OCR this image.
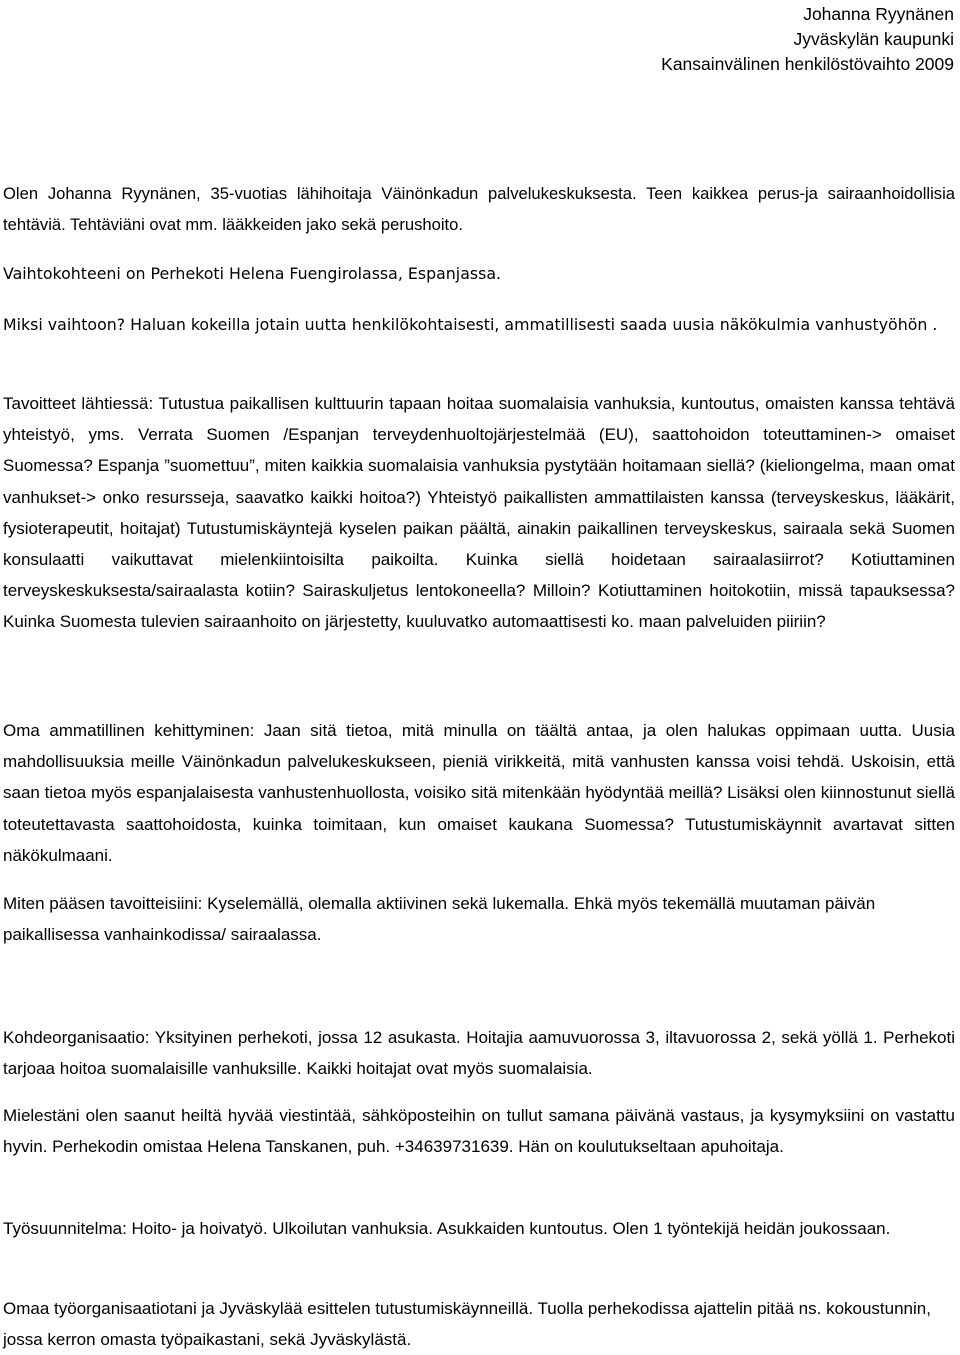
Johanna Ryynänen
Jyväskylän kaupunki
Kansainvälinen henkilöstövaihto 2009

Olen Johanna Ryynänen, 35-vuotias lähihoitaja Väinönkadun palvelukeskuksesta. Teen kaikkea perus-ja sairaanhoidollisia tehtäviä. Tehtäviäni ovat mm. lääkkeiden jako sekä perushoito.

Vaihtokohteeni on Perhekoti Helena Fuengirolassa, Espanjassa.

Miksi vaihtoon? Haluan kokeilla jotain uutta henkilökohtaisesti, ammatillisesti saada uusia näkökulmia vanhustyöhön .

Tavoitteet lähtiessä: Tutustua paikallisen kulttuurin tapaan hoitaa suomalaisia vanhuksia, kuntoutus, omaisten kanssa tehtävä yhteistyö, yms. Verrata Suomen /Espanjan terveydenhuoltojärjestelmää (EU), saattohoidon toteuttaminen-> omaiset Suomessa? Espanja ”suomettuu”, miten kaikkia suomalaisia vanhuksia pystytään hoitamaan siellä? (kieliongelma, maan omat vanhukset-> onko resursseja, saavatko kaikki hoitoa?) Yhteistyö paikallisten ammattilaisten kanssa (terveyskeskus, lääkärit, fysioterapeutit, hoitajat) Tutustumiskäyntejä kyselen paikan päältä, ainakin paikallinen terveyskeskus, sairaala sekä Suomen konsulaatti vaikuttavat mielenkiintoisilta paikoilta. Kuinka siellä hoidetaan sairaalasiirrot? Kotiuttaminen terveyskeskuksesta/sairaalasta kotiin? Sairaskuljetus lentokoneella? Milloin? Kotiuttaminen hoitokotiin, missä tapauksessa? Kuinka Suomesta tulevien sairaanhoito on järjestetty, kuuluvatko automaattisesti ko. maan palveluiden piiriin?

Oma ammatillinen kehittyminen: Jaan sitä tietoa, mitä minulla on täältä antaa, ja olen halukas oppimaan uutta. Uusia mahdollisuuksia meille Väinönkadun palvelukeskukseen, pieniä virikkeitä, mitä vanhusten kanssa voisi tehdä. Uskoisin, että saan tietoa myös espanjalaisesta vanhustenhuollosta, voisiko sitä mitenkään hyödyntää meillä? Lisäksi olen kiinnostunut siellä toteutettavasta saattohoidosta, kuinka toimitaan, kun omaiset kaukana Suomessa? Tutustumiskäynnit avartavat sitten näkökulmaani.

Miten pääsen tavoitteisiini: Kyselemällä, olemalla aktiivinen sekä lukemalla. Ehkä myös tekemällä muutaman päivän paikallisessa vanhainkodissa/ sairaalassa.

Kohdeorganisaatio: Yksityinen perhekoti, jossa 12 asukasta. Hoitajia aamuvuorossa 3, iltavuorossa 2, sekä yöllä 1. Perhekoti tarjoaa hoitoa suomalaisille vanhuksille. Kaikki hoitajat ovat myös suomalaisia.

Mielestäni olen saanut heiltä hyvää viestintää, sähköposteihin on tullut samana päivänä vastaus, ja kysymyksiini on vastattu hyvin. Perhekodin omistaa Helena Tanskanen, puh. +34639731639. Hän on koulutukseltaan apuhoitaja.

Työsuunnitelma: Hoito- ja hoivatyö. Ulkoilutan vanhuksia. Asukkaiden kuntoutus. Olen 1 työntekijä heidän joukossaan.

Omaa työorganisaatiotani ja Jyväskylää esittelen tutustumiskäynneillä. Tuolla perhekodissa ajattelin pitää ns. kokoustunnin, jossa kerron omasta työpaikastani, sekä Jyväskylästä.
